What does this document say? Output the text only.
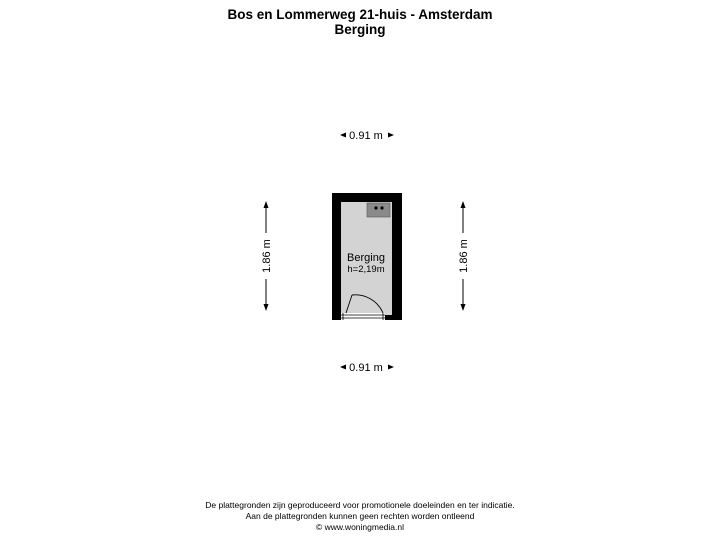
Bos en Lommerweg 21-huis - Amsterdam
Berging
0.91 m
0.91 m
1.86 m	1.86 m
Berging
h=2,19m
De plattegronden zijn geproduceerd voor promotionele doeleinden en ter indicatie.
Aan de plattegronden kunnen geen rechten worden ontleend
© www.woningmedia.nl
